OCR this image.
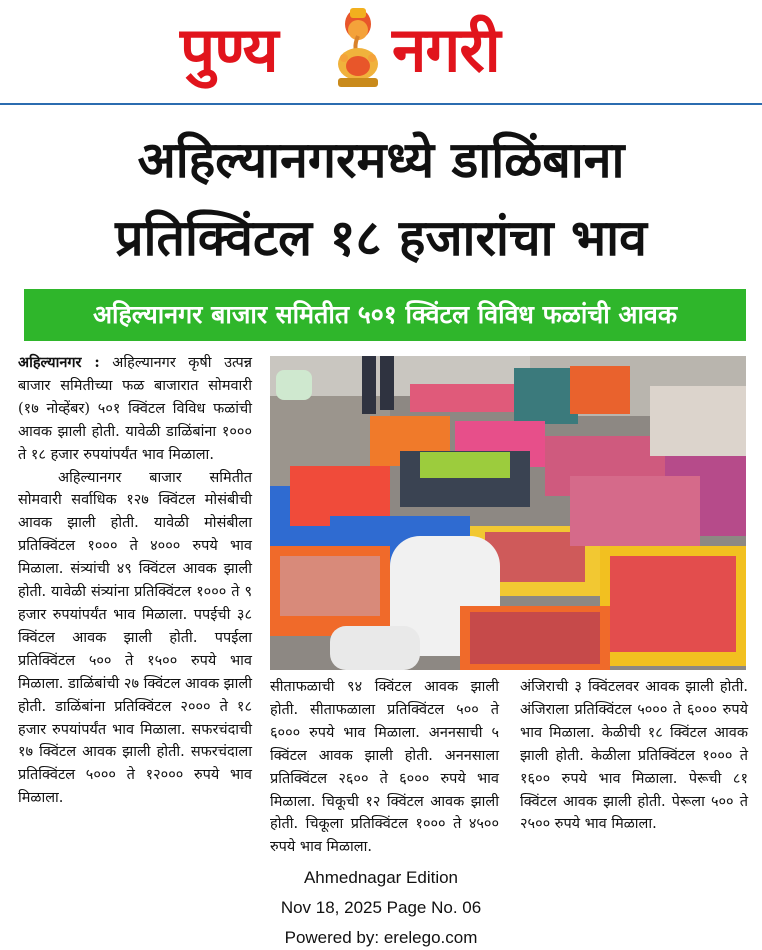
पुण्य नगरी
अहिल्यानगरमध्ये डाळिंबाना
प्रतिक्विंटल १८ हजारांचा भाव
अहिल्यानगर बाजार समितीत ५०१ क्विंटल विविध फळांची आवक

अहिल्यानगर : अहिल्यानगर कृषी उत्पन्न बाजार समितीच्या फळ बाजारात सोमवारी (१७ नोव्हेंबर) ५०१ क्विंटल विविध फळांची आवक झाली होती. यावेळी डाळिंबांना १००० ते १८ हजार रुपयांपर्यंत भाव मिळाला.

अहिल्यानगर बाजार समितीत सोमवारी सर्वाधिक १२७ क्विंटल मोसंबीची आवक झाली होती. यावेळी मोसंबीला प्रतिक्विंटल १००० ते ४००० रुपये भाव मिळाला. संत्र्यांची ४९ क्विंटल आवक झाली होती. यावेळी संत्र्यांना प्रतिक्विंटल १००० ते ९ हजार रुपयांपर्यंत भाव मिळाला. पपईची ३८ क्विंटल आवक झाली होती. पपईला प्रतिक्विंटल ५०० ते १५०० रुपये भाव मिळाला. डाळिंबांची २७ क्विंटल आवक झाली होती. डाळिंबांना प्रतिक्विंटल २००० ते १८ हजार रुपयांपर्यंत भाव मिळाला. सफरचंदाची १७ क्विंटल आवक झाली होती. सफरचंदाला प्रतिक्विंटल ५००० ते १२००० रुपये भाव मिळाला.

सीताफळाची ९४ क्विंटल आवक झाली होती. सीताफळाला प्रतिक्विंटल ५०० ते ६००० रुपये भाव मिळाला. अननसाची ५ क्विंटल आवक झाली होती. अननसाला प्रतिक्विंटल २६०० ते ६००० रुपये भाव मिळाला. चिकूची १२ क्विंटल आवक झाली होती. चिकूला प्रतिक्विंटल १००० ते ४५०० रुपये भाव मिळाला.

अंजिराची ३ क्विंटलवर आवक झाली होती. अंजिराला प्रतिक्विंटल ५००० ते ६००० रुपये भाव मिळाला. केळीची १८ क्विंटल आवक झाली होती. केळीला प्रतिक्विंटल १००० ते १६०० रुपये भाव मिळाला. पेरूची ८१ क्विंटल आवक झाली होती. पेरूला ५०० ते २५०० रुपये भाव मिळाला.

Ahmednagar Edition
Nov 18, 2025 Page No. 06
Powered by: erelego.com
